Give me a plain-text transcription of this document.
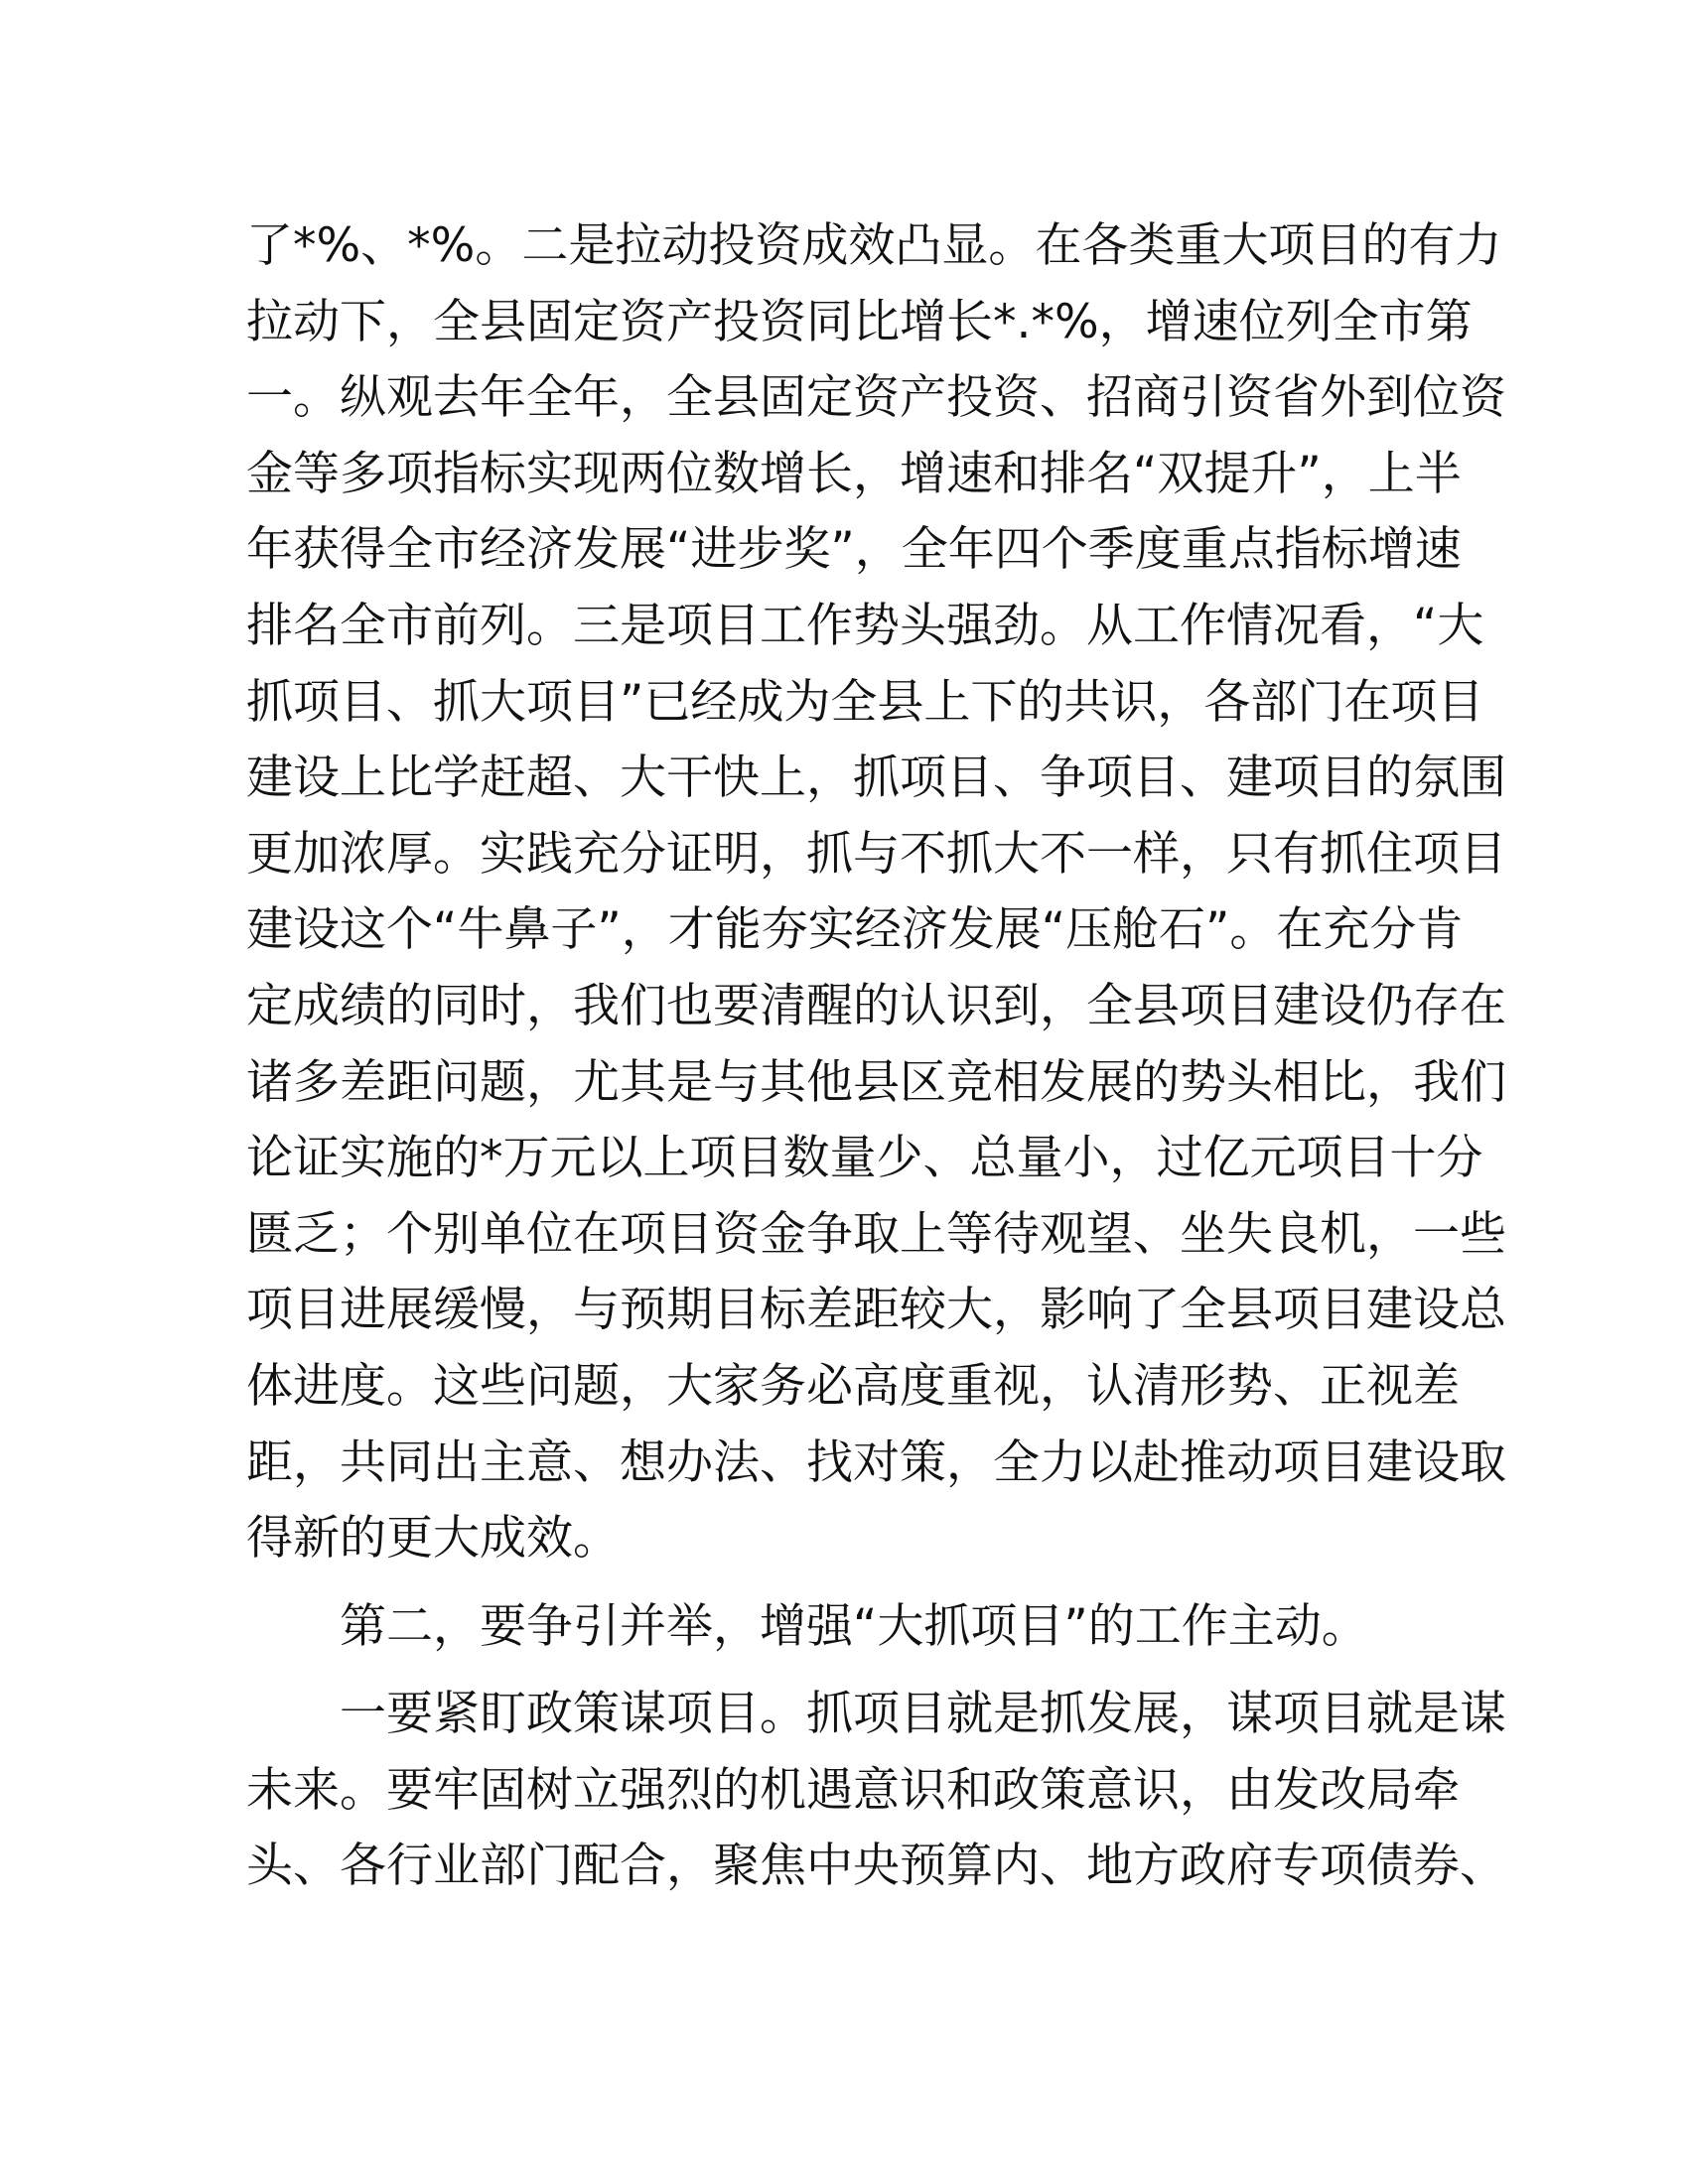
了*%、*%。二是拉动投资成效凸显。在各类重大项目的有力
拉动下，全县固定资产投资同比增长*.*%，增速位列全市第
一。纵观去年全年，全县固定资产投资、招商引资省外到位资
金等多项指标实现两位数增长，增速和排名“双提升”，上半
年获得全市经济发展“进步奖”，全年四个季度重点指标增速
排名全市前列。三是项目工作势头强劲。从工作情况看，“大
抓项目、抓大项目”已经成为全县上下的共识，各部门在项目
建设上比学赶超、大干快上，抓项目、争项目、建项目的氛围
更加浓厚。实践充分证明，抓与不抓大不一样，只有抓住项目
建设这个“牛鼻子”，才能夯实经济发展“压舱石”。在充分肯
定成绩的同时，我们也要清醒的认识到，全县项目建设仍存在
诸多差距问题，尤其是与其他县区竞相发展的势头相比，我们
论证实施的*万元以上项目数量少、总量小，过亿元项目十分
匮乏；个别单位在项目资金争取上等待观望、坐失良机，一些
项目进展缓慢，与预期目标差距较大，影响了全县项目建设总
体进度。这些问题，大家务必高度重视，认清形势、正视差
距，共同出主意、想办法、找对策，全力以赴推动项目建设取
得新的更大成效。
第二，要争引并举，增强“大抓项目”的工作主动。
一要紧盯政策谋项目。抓项目就是抓发展，谋项目就是谋
未来。要牢固树立强烈的机遇意识和政策意识，由发改局牵
头、各行业部门配合，聚焦中央预算内、地方政府专项债券、
